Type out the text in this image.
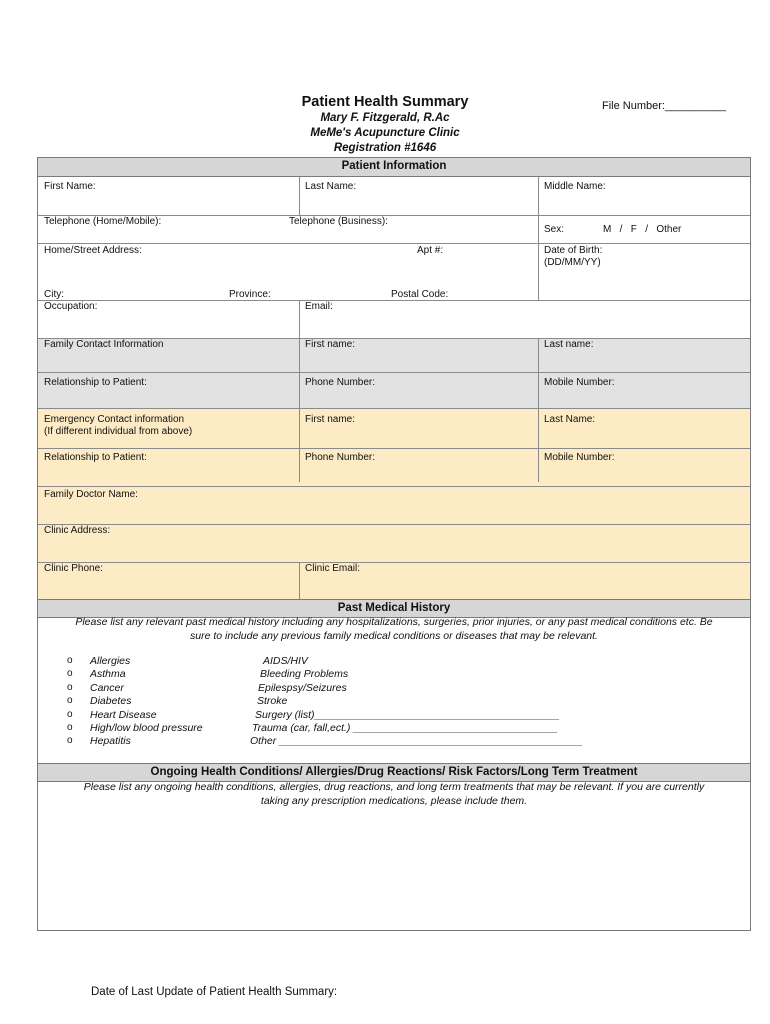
Patient Health Summary
Mary F. Fitzgerald, R.Ac
MeMe's Acupuncture Clinic
Registration #1646
File Number:__________
Patient Information
First Name:	Last Name:	Middle Name:
Telephone (Home/Mobile):	Telephone (Business):
Sex:	M   /   F   /   Other
Home/Street Address:	Apt #:	Date of Birth:
(DD/MM/YY)
City:	Province:	Postal Code:
Occupation:	Email:
Family Contact Information	First name:	Last name:
Relationship to Patient:	Phone Number:	Mobile Number:
Emergency Contact information
(If different individual from above)
First name:	Last Name:
Relationship to Patient:	Phone Number:	Mobile Number:
Family Doctor Name:
Clinic Address:
Clinic Phone:	Clinic Email:
Past Medical History
Please list any relevant past medical history including any hospitalizations, surgeries, prior injuries, or any past medical conditions etc. Be
sure to include any previous family medical conditions or diseases that may be relevant.
o Allergies
o Asthma
o Cancer
o Diabetes
o Heart Disease
o High/low blood pressure
o Hepatitis
AIDS/HIV
Bleeding Problems
Epilespsy/Seizures
Stroke
Surgery (list)__________________________________________
Trauma (car, fall,ect.) ___________________________________
Other ____________________________________________________
Ongoing Health Conditions/ Allergies/Drug Reactions/ Risk Factors/Long Term Treatment
Please list any ongoing health conditions, allergies, drug reactions, and long term treatments that may be relevant. If you are currently
taking any prescription medications, please include them.
Date of Last Update of Patient Health Summary:
